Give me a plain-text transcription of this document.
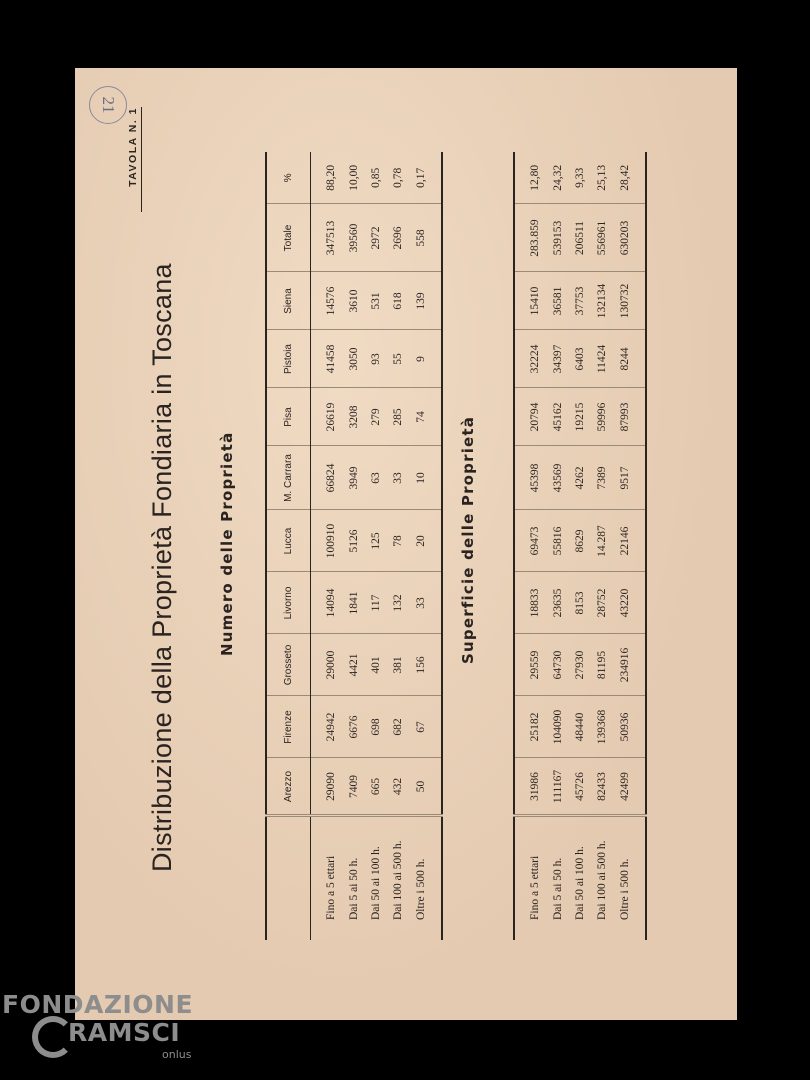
21
TAVOLA N. 1
Distribuzione della Proprietà Fondiaria in Toscana	Numero delle Proprietà
	Arezzo	Firenze	Grosseto	Livorno	Lucca	M. Carrara	Pisa	Pistoia	Siena	Totale	%
Fino a 5 ettari	29090	24942	29000	14094	100910	66824	26619	41458	14576	347513	88,20
Dai 5 ai 50 h.	7409	6676	4421	1841	5126	3949	3208	3050	3610	39560	10,00
Dai 50 ai 100 h.	665	698	401	117	125	63	279	93	531	2972	0,85
Dai 100 ai 500 h.	432	682	381	132	78	33	285	55	618	2696	0,78
Oltre i 500 h.	50	67	156	33	20	10	74	9	139	558	0,17
Superficie delle Proprietà
Fino a 5 ettari	31986	25182	29559	18833	69473	45398	20794	32224	15410	283.859	12,80
Dai 5 ai 50 h.	111167	104090	64730	23635	55816	43569	45162	34397	36581	539153	24,32
Dai 50 ai 100 h.	45726	48440	27930	8153	8629	4262	19215	6403	37753	206511	9,33
Dai 100 ai 500 h.	82433	139368	81195	28752	14.287	7389	59996	11424	132134	556961	25,13
Oltre i 500 h.	42499	50936	234916	43220	22146	9517	87993	8244	130732	630203	28,42
FONDAZIONE
RAMSCI
onlus
